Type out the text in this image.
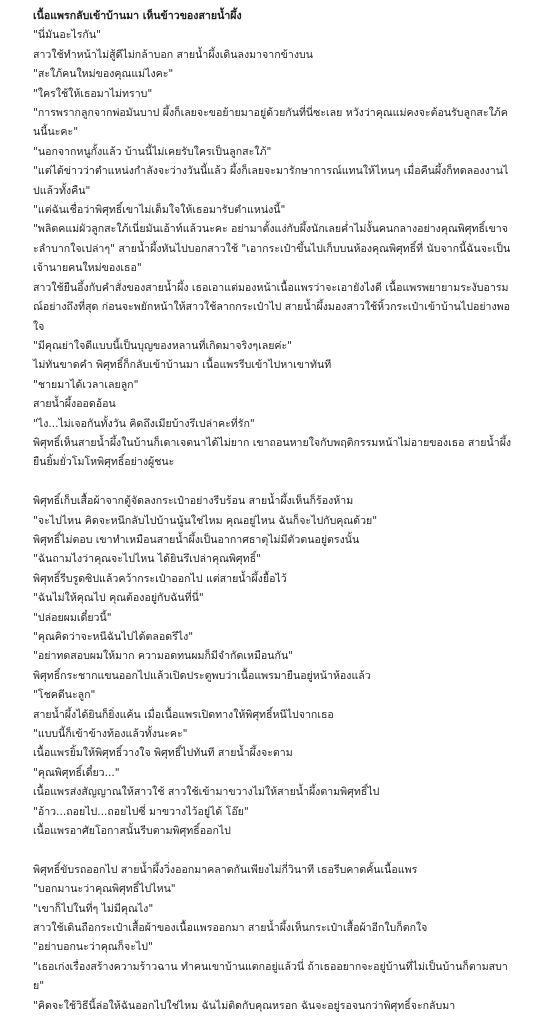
เนื้อแพรกลับเข้าบ้านมา เห็นข้าวของสายน้ำผึ้ง

"นี่มันอะไรกัน"

สาวใช้ทำหน้าไม่สู้ดีไม่กล้าบอก สายน้ำผึ้งเดินลงมาจากข้างบน

"สะใภ้คนใหม่ของคุณแม่ไงคะ"

"ใครใช้ให้เธอมาไม่ทราบ"

"การพรากลูกจากพ่อมันบาป ผึ้งก็เลยจะขอย้ายมาอยู่ด้วยกันที่นี่ซะเลย หวังว่าคุณแม่คงจะต้อนรับลูกสะใภ้คนนี้นะคะ"

"นอกจากหนูกั้งแล้ว บ้านนี้ไม่เคยรับใครเป็นลูกสะใภ้"

"แต่ได้ข่าวว่าตำแหน่งกำลังจะว่างวันนี้แล้ว ผึ้งก็เลยจะมารักษาการณ์แทนให้ไหนๆ เมื่อคืนผึ้งก็ทดลองงานไปแล้วทั้งคืน"

"แต่ฉันเชื่อว่าพิศุทธิ์เขาไม่เต็มใจให้เธอมารับตำแหน่งนี้"

"พลิตคแม่ผัวลูกสะใภ้เนี่ยมันเอ้าท์แล้วนะคะ อย่ามาตั้งแง่กับผึ้งนักเลยค่ำไม่งั้นคนกลางอย่างคุณพิศุทธิ์เขาจะลำบากใจเปล่าๆ" สายน้ำผึ้งหันไปบอกสาวใช้ "เอากระเป๋าขึ้นไปเก็บบนห้องคุณพิศุทธิ์ที่ นับจากนี้ฉันจะเป็นเจ้านายคนใหม่ของเธอ"

สาวใช้ยืนอึ้งกับคำสั่งของสายน้ำผึ้ง เธอเอาแต่มองหน้าเนื้อแพรว่าจะเอายังไงดี เนื้อแพรพยายามระงับอารมณ์อย่างถึงที่สุด ก่อนจะพยักหน้าให้สาวใช้ลากกระเป๋าไป สายน้ำผึ้งมองสาวใช้หิ้วกระเป๋าเข้าบ้านไปอย่างพอใจ

"มีคุณย่าใจดีแบบนี้เป็นบุญของหลานที่เกิดมาจริงๆเลยค่ะ"

ไม่ทันขาดคำ พิศุทธิ์ก็กลับเข้าบ้านมา เนื้อแพรรีบเข้าไปหาเขาทันที

"ชายมาได้เวลาเลยลูก"

สายน้ำผึ้งออดอ้อน

"ไง...ไม่เจอกันทั้งวัน คิดถึงเมียบ้างรึเปล่าคะที่รัก"

พิศุทธิ์เห็นสายน้ำผึ้งในบ้านก็เดาเจตนาได้ไม่ยาก เขาถอนหายใจกับพฤติกรรมหน้าไม่อายของเธอ สายน้ำผึ้งยืนยิ้มยั่วโมโหพิศุทธิ์อย่างผู้ชนะ

พิศุทธิ์เก็บเสื้อผ้าจากตู้จัดลงกระเป๋าอย่างรีบร้อน สายน้ำผึ้งเห็นก็ร้องห้าม

"จะไปไหน คิดจะหนีกลับไปบ้านนู้นใช่ไหม คุณอยู่ไหน ฉันก็จะไปกับคุณด้วย"

พิศุทธิ์ไม่ตอบ เขาทำเหมือนสายน้ำผึ้งเป็นอากาศธาตุไม่มีตัวตนอยู่ตรงนั้น

"ฉันถามไงว่าคุณจะไปไหน ได้ยินรึเปล่าคุณพิศุทธิ์"

พิศุทธิ์รีบรูดซิปแล้วคว้ากระเป๋าออกไป แต่สายน้ำผึ้งยื้อไว้

"ฉันไม่ให้คุณไป คุณต้องอยู่กับฉันที่นี่"

"ปล่อยผมเดี๋ยวนี้"

"คุณคิดว่าจะหนีฉันไปได้ตลอดรึไง"

"อย่าทดสอบผมให้มาก ความอดทนผมก็มีจำกัดเหมือนกัน"

พิศุทธิ์กระชากแขนออกไปแล้วเปิดประตูพบว่าเนื้อแพรมายืนอยู่หน้าห้องแล้ว

"โชคดีนะลูก"

สายน้ำผึ้งได้ยินก็ยิ่งแค้น เมื่อเนื้อแพรเปิดทางให้พิศุทธิ์หนีไปจากเธอ

"แบบนี้ก็เข้าข้างท้องแล้วทั้งนะคะ"

เนื้อแพรยิ้มให้พิศุทธิ์วางใจ พิศุทธิ์ไปทันที สายน้ำผึ้งจะตาม

"คุณพิศุทธิ์เดี๋ยว..."

เนื้อแพรส่งสัญญาณให้สาวใช้ สาวใช้เข้ามาขวางไม่ให้สายน้ำผึ้งตามพิศุทธิ์ไป

"อ้าว...ถอยไป...ถอยไปซี่ มาขวางไว้อยู่ได้ โอ๊ย"

เนื้อแพรอาศัยโอกาสนั้นรีบตามพิศุทธิ์ออกไป

พิศุทธิ์ขับรถออกไป สายน้ำผึ้งวิ่งออกมาคลาดกันเพียงไม่กี่วินาที เธอรีบคาดคั้นเนื้อแพร

"บอกมานะว่าคุณพิศุทธิ์ไปไหน"

"เขาก็ไปในที่ๆ ไม่มีคุณไง"

สาวใช้เดินถือกระเป๋าเสื้อผ้าของเนื้อแพรออกมา สายน้ำผึ้งเห็นกระเป๋าเสื้อผ้าอีกใบก็ตกใจ

"อย่าบอกนะว่าคุณก็จะไป"

"เธอเก่งเรื่องสร้างความร้าวฉาน ทำคนเขาบ้านแตกอยู่แล้วนี่ ถ้าเธออยากจะอยู่บ้านที่ไม่เป็นบ้านก็ตามสบาย"

"คิดจะใช้วิธีนี้ล่อให้ฉันออกไปใช่ไหม ฉันไม่ติดกับคุณหรอก ฉันจะอยู่รอจนกว่าพิศุทธิ์จะกลับมา
